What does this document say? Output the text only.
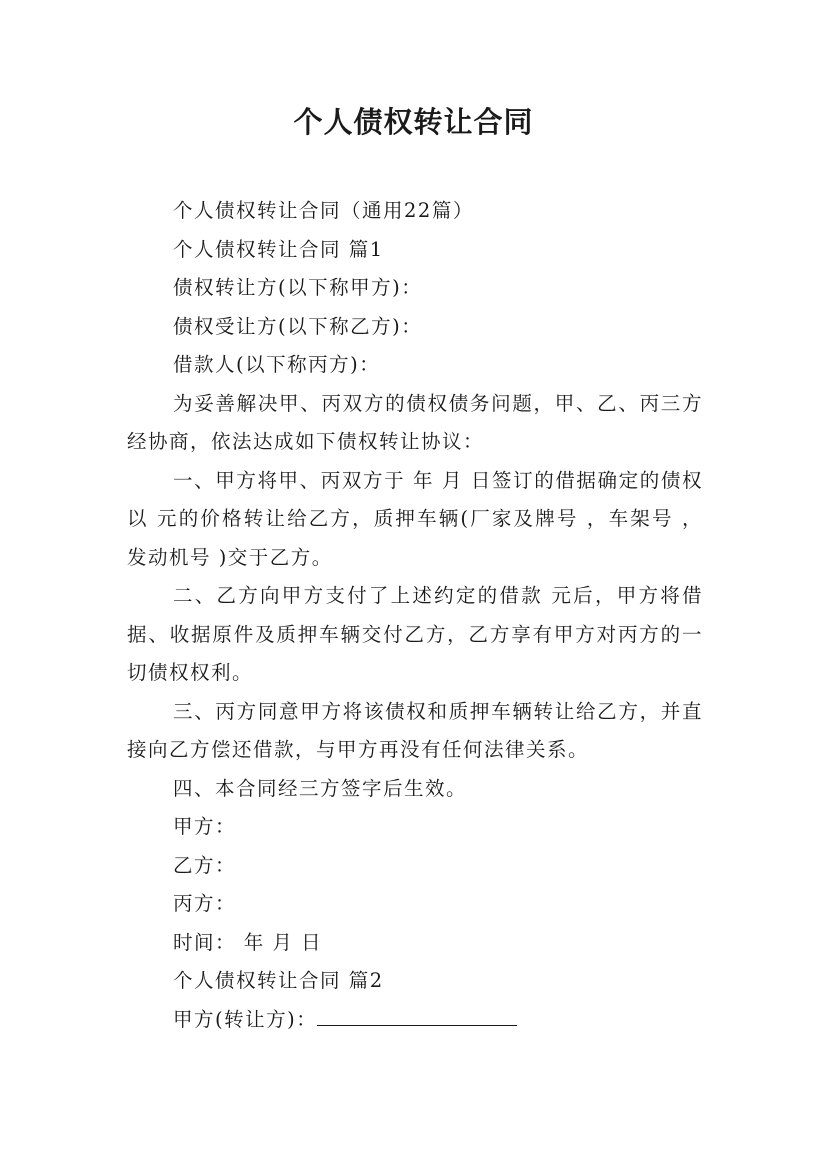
个人债权转让合同

个人债权转让合同（通用22篇）

个人债权转让合同 篇1

债权转让方(以下称甲方)：

债权受让方(以下称乙方)：

借款人(以下称丙方)：

为妥善解决甲、丙双方的债权债务问题，甲、乙、丙三方经协商，依法达成如下债权转让协议：

一、甲方将甲、丙双方于 年 月 日签订的借据确定的债权以 元的价格转让给乙方，质押车辆(厂家及牌号 ，车架号 ，发动机号 )交于乙方。

二、乙方向甲方支付了上述约定的借款 元后，甲方将借据、收据原件及质押车辆交付乙方，乙方享有甲方对丙方的一切债权权利。

三、丙方同意甲方将该债权和质押车辆转让给乙方，并直接向乙方偿还借款，与甲方再没有任何法律关系。

四、本合同经三方签字后生效。

甲方：

乙方：

丙方：

时间： 年 月 日

个人债权转让合同 篇2

甲方(转让方)：
